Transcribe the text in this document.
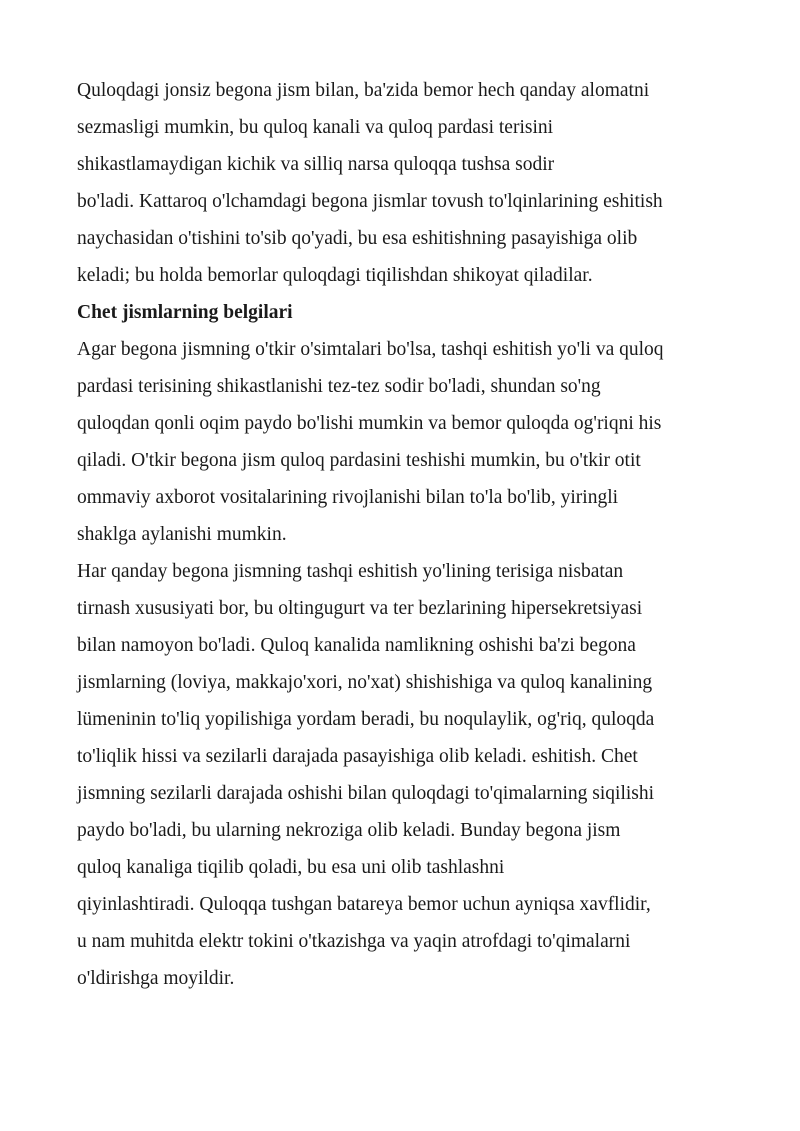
Quloqdagi jonsiz begona jism bilan, ba'zida bemor hech qanday alomatni
sezmasligi mumkin, bu quloq kanali va quloq pardasi terisini
shikastlamaydigan kichik va silliq narsa quloqqa tushsa sodir
bo'ladi. Kattaroq o'lchamdagi begona jismlar tovush to'lqinlarining eshitish
naychasidan o'tishini to'sib qo'yadi, bu esa eshitishning pasayishiga olib
keladi; bu holda bemorlar quloqdagi tiqilishdan shikoyat qiladilar.
Chet jismlarning belgilari
Agar begona jismning o'tkir o'simtalari bo'lsa, tashqi eshitish yo'li va quloq
pardasi terisining shikastlanishi tez-tez sodir bo'ladi, shundan so'ng
quloqdan qonli oqim paydo bo'lishi mumkin va bemor quloqda og'riqni his
qiladi. O'tkir begona jism quloq pardasini teshishi mumkin, bu o'tkir otit
ommaviy axborot vositalarining rivojlanishi bilan to'la bo'lib, yiringli
shaklga aylanishi mumkin.
Har qanday begona jismning tashqi eshitish yo'lining terisiga nisbatan
tirnash xususiyati bor, bu oltingugurt va ter bezlarining hipersekretsiyasi
bilan namoyon bo'ladi. Quloq kanalida namlikning oshishi ba'zi begona
jismlarning (loviya, makkajo'xori, no'xat) shishishiga va quloq kanalining
lümeninin to'liq yopilishiga yordam beradi, bu noqulaylik, og'riq, quloqda
to'liqlik hissi va sezilarli darajada pasayishiga olib keladi. eshitish. Chet
jismning sezilarli darajada oshishi bilan quloqdagi to'qimalarning siqilishi
paydo bo'ladi, bu ularning nekroziga olib keladi. Bunday begona jism
quloq kanaliga tiqilib qoladi, bu esa uni olib tashlashni
qiyinlashtiradi. Quloqqa tushgan batareya bemor uchun ayniqsa xavflidir,
u nam muhitda elektr tokini o'tkazishga va yaqin atrofdagi to'qimalarni
o'ldirishga moyildir.
